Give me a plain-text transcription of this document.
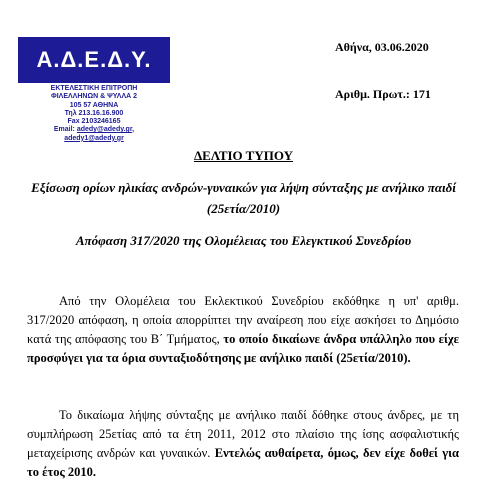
Α.Δ.Ε.Δ.Υ.
ΕΚΤΕΛΕΣΤΙΚΗ ΕΠΙΤΡΟΠΗ
ΦΙΛΕΛΛΗΝΩΝ & ΨΥΛΛΑ 2
105 57 ΑΘΗΝΑ
Τηλ 213.16.16.900
Fax 2103246165
Email: adedy@adedy.gr,
adedy1@adedy.gr
Αθήνα, 03.06.2020
Αριθμ. Πρωτ.: 171
ΔΕΛΤΙΟ ΤΥΠΟΥ
Εξίσωση ορίων ηλικίας ανδρών-γυναικών για λήψη σύνταξης με ανήλικο παιδί (25ετία/2010)
Απόφαση 317/2020 της Ολομέλειας του Ελεγκτικού Συνεδρίου

Από την Ολομέλεια του Εκλεκτικού Συνεδρίου εκδόθηκε η υπ' αριθμ. 317/2020 απόφαση, η οποία απορρίπτει την αναίρεση που είχε ασκήσει το Δημόσιο κατά της απόφασης του Β΄ Τμήματος, το οποίο δικαίωνε άνδρα υπάλληλο που είχε προσφύγει για τα όρια συνταξιοδότησης με ανήλικο παιδί (25ετία/2010).

Το δικαίωμα λήψης σύνταξης με ανήλικο παιδί δόθηκε στους άνδρες, με τη συμπλήρωση 25ετίας από τα έτη 2011, 2012 στο πλαίσιο της ίσης ασφαλιστικής μεταχείρισης ανδρών και γυναικών. Εντελώς αυθαίρετα, όμως, δεν είχε δοθεί για το έτος 2010.
